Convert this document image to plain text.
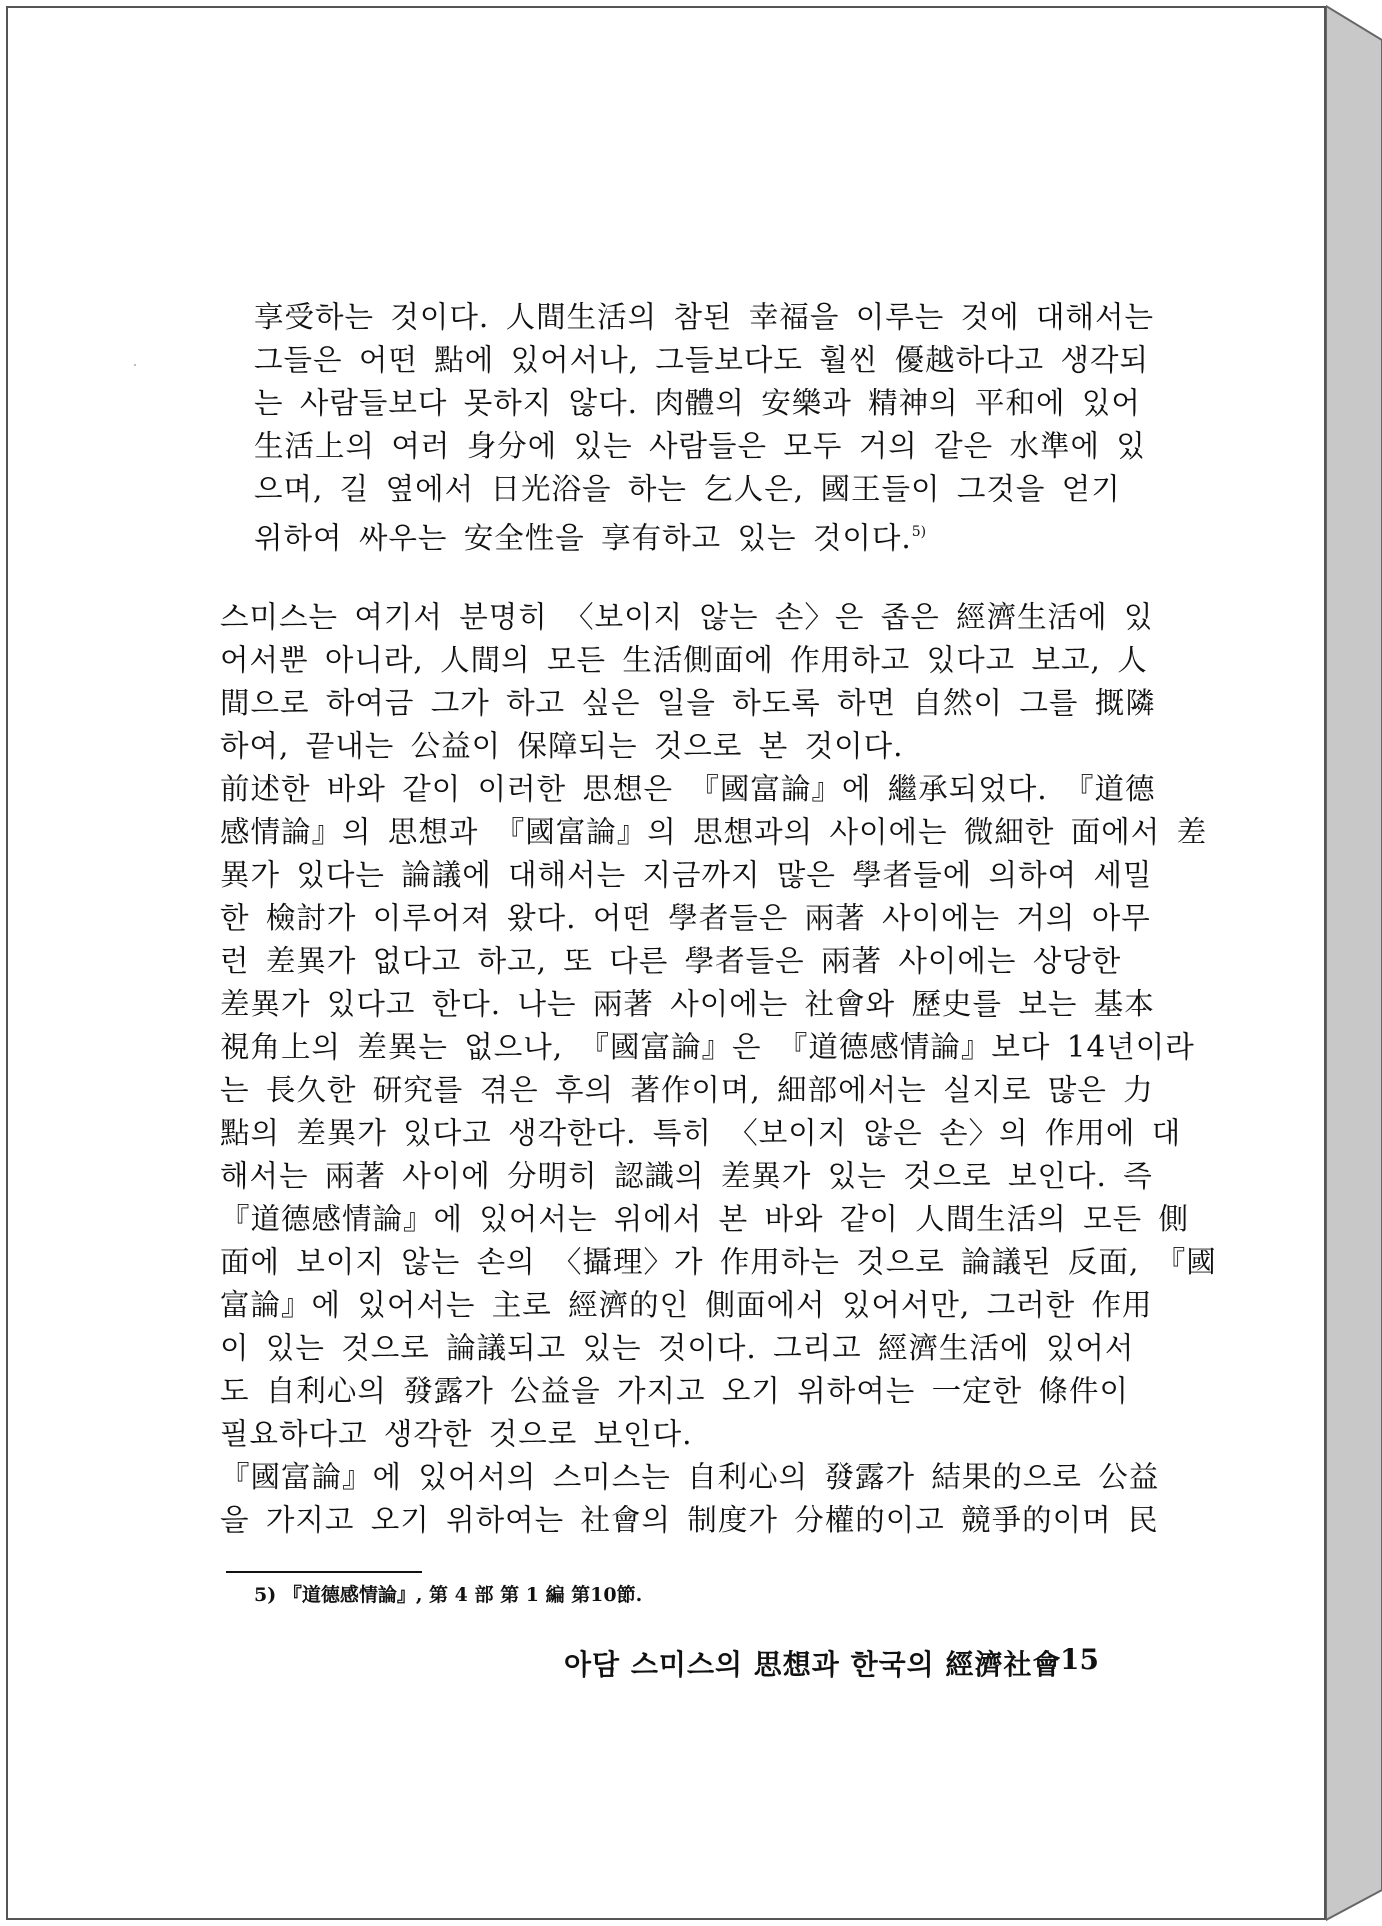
享受하는 것이다. 人間生活의 참된 幸福을 이루는 것에 대해서는
그들은 어떤 點에 있어서나, 그들보다도 훨씬 優越하다고 생각되
는 사람들보다 못하지 않다. 肉體의 安樂과 精神의 平和에 있어
生活上의 여러 身分에 있는 사람들은 모두 거의 같은 水準에 있
으며, 길 옆에서 日光浴을 하는 乞人은, 國王들이 그것을 얻기
위하여 싸우는 安全性을 享有하고 있는 것이다.$^{5)}$
스미스는 여기서 분명히 〈보이지 않는 손〉은 좁은 經濟生活에 있
어서뿐 아니라, 人間의 모든 生活側面에 作用하고 있다고 보고, 人
間으로 하여금 그가 하고 싶은 일을 하도록 하면 自然이 그를 摡隣
하여, 끝내는 公益이 保障되는 것으로 본 것이다.
前述한 바와 같이 이러한 思想은 『國富論』에 繼承되었다. 『道德
感情論』의 思想과 『國富論』의 思想과의 사이에는 微細한 面에서 差
異가 있다는 論議에 대해서는 지금까지 많은 學者들에 의하여 세밀
한 檢討가 이루어져 왔다. 어떤 學者들은 兩著 사이에는 거의 아무
런 差異가 없다고 하고, 또 다른 學者들은 兩著 사이에는 상당한
差異가 있다고 한다. 나는 兩著 사이에는 社會와 歷史를 보는 基本
視角上의 差異는 없으나, 『國富論』은 『道德感情論』보다 14년이라
는 長久한 研究를 겪은 후의 著作이며, 細部에서는 실지로 많은 力
點의 差異가 있다고 생각한다. 특히 〈보이지 않은 손〉의 作用에 대
해서는 兩著 사이에 分明히 認識의 差異가 있는 것으로 보인다. 즉
『道德感情論』에 있어서는 위에서 본 바와 같이 人間生活의 모든 側
面에 보이지 않는 손의 〈攝理〉가 作用하는 것으로 論議된 反面, 『國
富論』에 있어서는 主로 經濟的인 側面에서 있어서만, 그러한 作用
이 있는 것으로 論議되고 있는 것이다. 그리고 經濟生活에 있어서
도 自利心의 發露가 公益을 가지고 오기 위하여는 一定한 條件이
필요하다고 생각한 것으로 보인다.
『國富論』에 있어서의 스미스는 自利心의 發露가 結果的으로 公益
을 가지고 오기 위하여는 社會의 制度가 分權的이고 競爭的이며 民
5) 『道德感情論』, 第 4 部 第 1 編 第10節.
아담 스미스의 思想과 한국의 經濟社會
15
